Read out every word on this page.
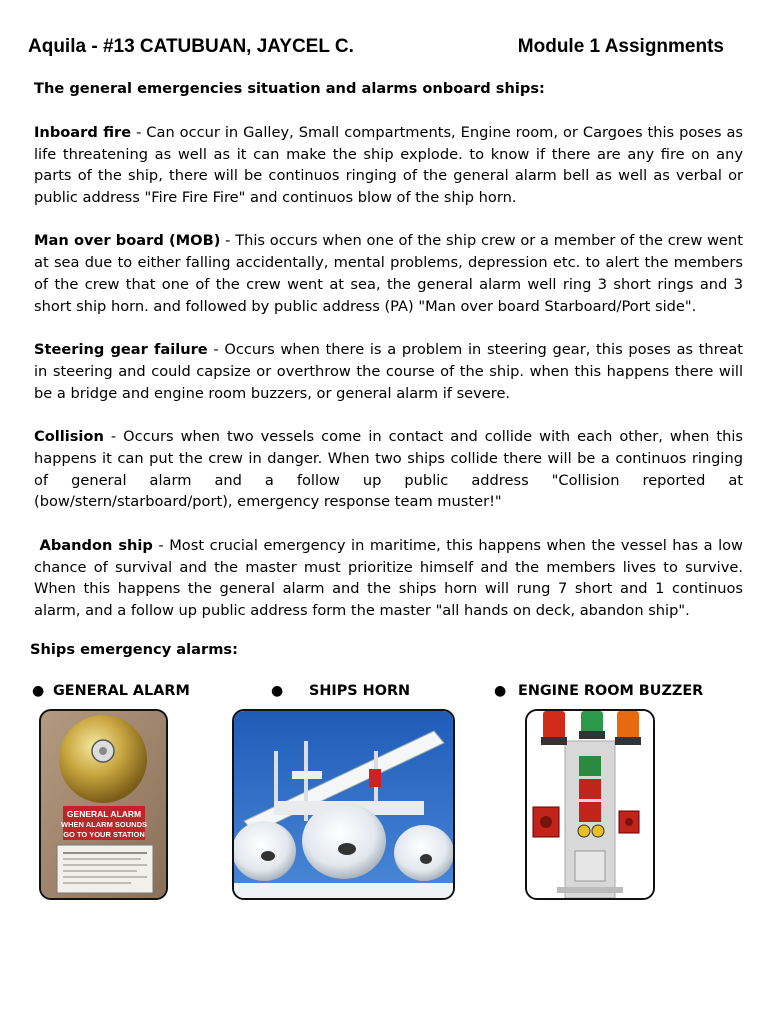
Aquila - #13 CATUBUAN, JAYCEL C.	Module 1 Assignments
The general emergencies situation and alarms onboard ships:

Inboard fire - Can occur in Galley, Small compartments, Engine room, or Cargoes this poses as life threatening as well as it can make the ship explode. to know if there are any fire on any parts of the ship, there will be continuos ringing of the general alarm bell as well as verbal or public address "Fire Fire Fire" and continuos blow of the ship horn.

Man over board (MOB) - This occurs when one of the ship crew or a member of the crew went at sea due to either falling accidentally, mental problems, depression etc. to alert the members of the crew that one of the crew went at sea, the general alarm well ring 3 short rings and 3 short ship horn. and followed by public address (PA) "Man over board Starboard/Port side".

Steering gear failure - Occurs when there is a problem in steering gear, this poses as threat in steering and could capsize or overthrow the course of the ship. when this happens there will be a bridge and engine room buzzers, or general alarm if severe.

Collision - Occurs when two vessels come in contact and collide with each other, when this happens it can put the crew in danger. When two ships collide there will be a continuos ringing of general alarm and a follow up public address "Collision reported at (bow/stern/starboard/port), emergency response team muster!"

Abandon ship - Most crucial emergency in maritime, this happens when the vessel has a low chance of survival and the master must prioritize himself and the members lives to survive. When this happens the general alarm and the ships horn will rung 7 short and 1 continuos alarm, and a follow up public address form the master "all hands on deck, abandon ship".

Ships emergency alarms:
● GENERAL ALARM	● SHIPS HORN	● ENGINE ROOM BUZZER
GENERAL ALARM
WHEN ALARM SOUNDS
GO TO YOUR STATION
